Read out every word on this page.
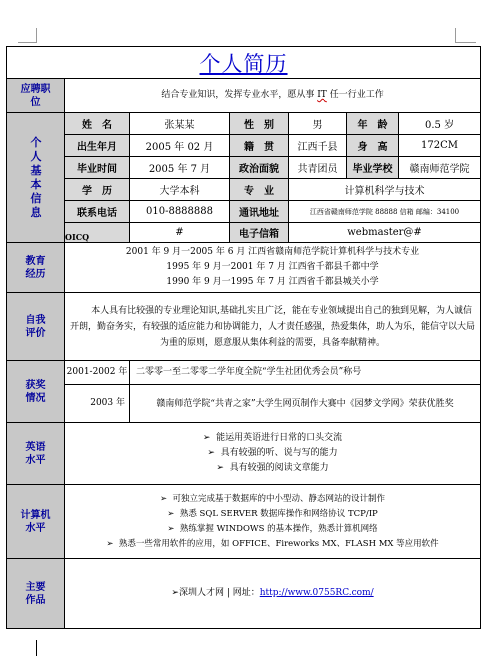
个人简历						
应聘职位	结合专业知识，发挥专业水平，愿从事 IT 任一行业工作					
个人基本信息	姓　名	张某某	性　别	男	年　龄	0.5 岁
	出生年月	2005 年 02 月	籍　贯	江西千县	身　高	172CM
	毕业时间	2005 年 7 月	政治面貌	共青团员	毕业学校	赣南师范学院
	学　历	大学本科	专　业	计算机科学与技术		
	联系电话	010-8888888	通讯地址	江西省赣南师范学院 88888 信箱 邮编：34100		
	OICQ	#	电子信箱	webmaster@#		
教育经历	2001 年 9 月一2005 年 6 月 江西省赣南师范学院计算机科学与技术专业
1995 年 9 月一2001 年 7 月 江西省千都县千都中学
1990 年 9 月一1995 年 7 月 江西省千都县城关小学					

自我评价	本人具有比较强的专业理论知识,基础扎实且广泛，能在专业领域提出自己的独到见解，为人诚信开朗，勤奋务实，有较强的适应能力和协调能力，人才责任感强，热爱集体，助人为乐，能信守以大局为重的原则，愿意服从集体利益的需要，具备奉献精神。					
获奖情况	2001-2002 年	二零零一至二零零二学年度全院“学生社团优秀会员”称号				
	2003 年	赣南师范学院“共青之家”大学生网页制作大赛中《园梦文学网》荣获优胜奖				
英语水平	➢ 能运用英语进行日常的口头交流
➢ 具有较强的听、说与写的能力
➢ 具有较强的阅读文章能力					

计算机水平	➢ 可独立完成基于数据库的中小型动、静态网站的设计制作
➢ 熟悉 SQL SERVER 数据库操作和网络协议 TCP/IP
➢ 熟练掌握 WINDOWS 的基本操作，熟悉计算机网络
➢ 熟悉一些常用软件的应用，如 OFFICE、Fireworks MX、FLASH MX 等应用软件					

主要作品	➢深圳人才网 | 网址：http://www.0755RC.com/					
